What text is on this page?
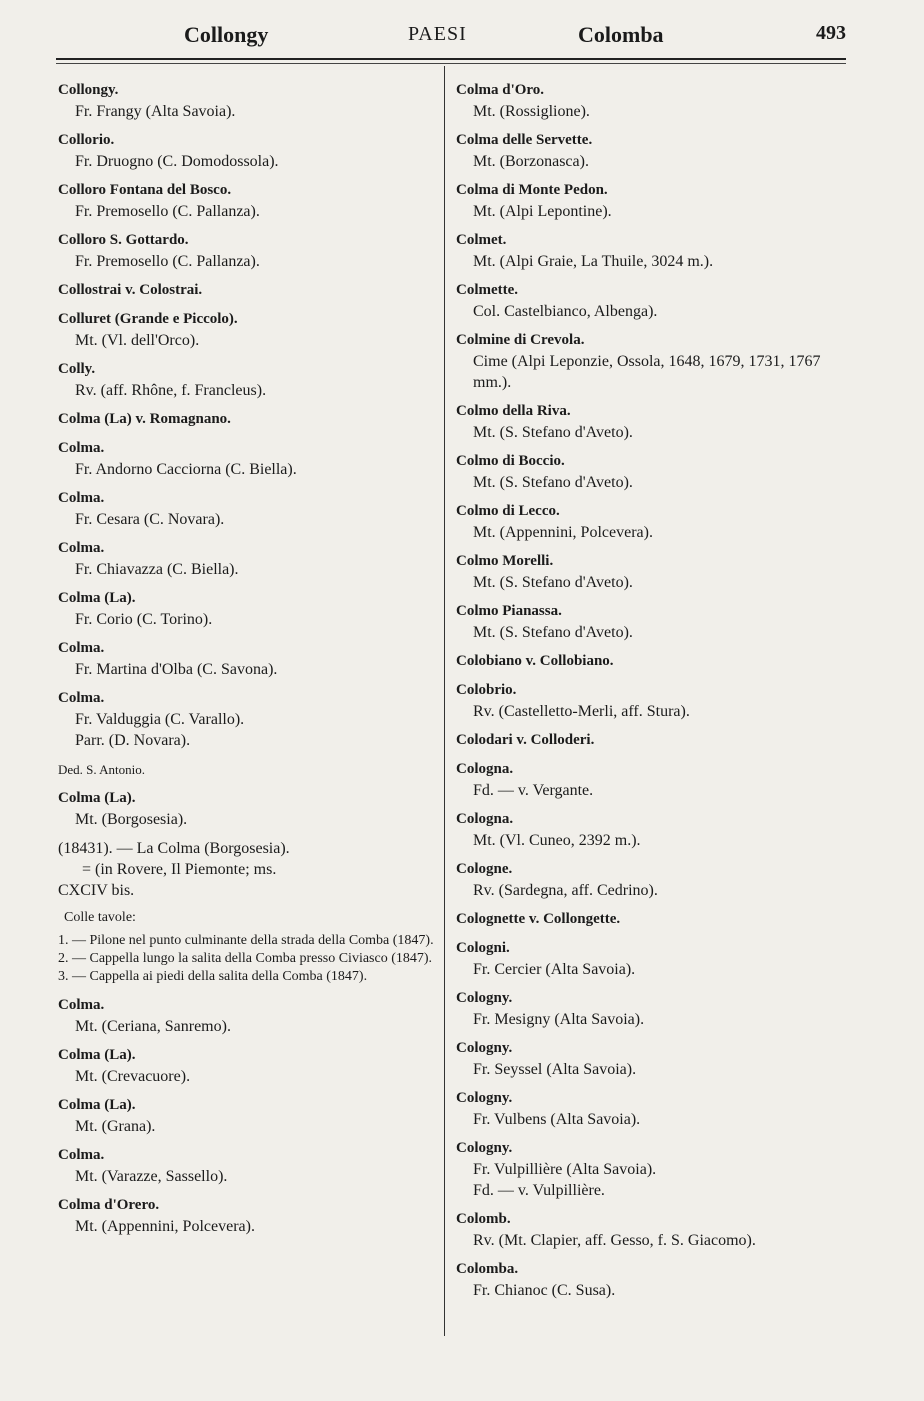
Collongy	PAESI	Colomba	493
Collongy.
Fr. Frangy (Alta Savoia).
Collorio.
Fr. Druogno (C. Domodossola).
Colloro Fontana del Bosco.
Fr. Premosello (C. Pallanza).
Colloro S. Gottardo.
Fr. Premosello (C. Pallanza).
Collostrai v. Colostrai.
Colluret (Grande e Piccolo).
Mt. (Vl. dell'Orco).
Colly.
Rv. (aff. Rhône, f. Francleus).
Colma (La) v. Romagnano.
Colma.
Fr. Andorno Cacciorna (C. Biella).
Colma.
Fr. Cesara (C. Novara).
Colma.
Fr. Chiavazza (C. Biella).
Colma (La).
Fr. Corio (C. Torino).
Colma.
Fr. Martina d'Olba (C. Savona).
Colma.
Fr. Valduggia (C. Varallo).
Parr. (D. Novara).
Ded. S. Antonio.
Colma (La).
Mt. (Borgosesia).
(18431). — La Colma (Borgosesia).
= (in Rovere, Il Piemonte; ms.
CXCIV bis.
Colle tavole:
1. — Pilone nel punto culminante della strada della Comba (1847).
2. — Cappella lungo la salita della Comba presso Civiasco (1847).
3. — Cappella ai piedi della salita della Comba (1847).
Colma.
Mt. (Ceriana, Sanremo).
Colma (La).
Mt. (Crevacuore).
Colma (La).
Mt. (Grana).
Colma.
Mt. (Varazze, Sassello).
Colma d'Orero.
Mt. (Appennini, Polcevera).
Colma d'Oro.
Mt. (Rossiglione).
Colma delle Servette.
Mt. (Borzonasca).
Colma di Monte Pedon.
Mt. (Alpi Lepontine).
Colmet.
Mt. (Alpi Graie, La Thuile, 3024 m.).
Colmette.
Col. Castelbianco, Albenga).
Colmine di Crevola.
Cime (Alpi Leponzie, Ossola, 1648, 1679, 1731, 1767 mm.).
Colmo della Riva.
Mt. (S. Stefano d'Aveto).
Colmo di Boccio.
Mt. (S. Stefano d'Aveto).
Colmo di Lecco.
Mt. (Appennini, Polcevera).
Colmo Morelli.
Mt. (S. Stefano d'Aveto).
Colmo Pianassa.
Mt. (S. Stefano d'Aveto).
Colobiano v. Collobiano.
Colobrio.
Rv. (Castelletto-Merli, aff. Stura).
Colodari v. Colloderi.
Cologna.
Fd. — v. Vergante.
Cologna.
Mt. (Vl. Cuneo, 2392 m.).
Cologne.
Rv. (Sardegna, aff. Cedrino).
Colognette v. Collongette.
Cologni.
Fr. Cercier (Alta Savoia).
Cologny.
Fr. Mesigny (Alta Savoia).
Cologny.
Fr. Seyssel (Alta Savoia).
Cologny.
Fr. Vulbens (Alta Savoia).
Cologny.
Fr. Vulpillière (Alta Savoia).
Fd. — v. Vulpillière.
Colomb.
Rv. (Mt. Clapier, aff. Gesso, f. S. Giacomo).
Colomba.
Fr. Chianoc (C. Susa).
